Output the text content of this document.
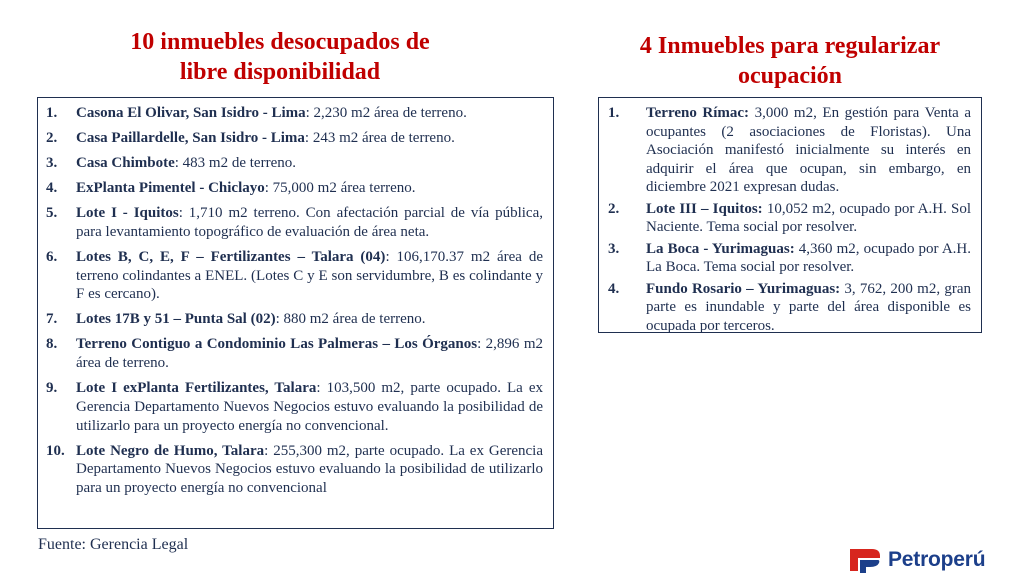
10 inmuebles desocupados de
libre disponibilidad
4 Inmuebles para regularizar
ocupación
1.	Casona El Olivar, San Isidro - Lima: 2,230 m2 área de terreno.
2.	Casa Paillardelle, San Isidro - Lima: 243 m2 área de terreno.
3.	Casa Chimbote: 483 m2 de terreno.
4.	ExPlanta Pimentel - Chiclayo: 75,000 m2 área terreno.
5.	Lote I - Iquitos: 1,710 m2 terreno. Con afectación parcial de vía pública, para levantamiento topográfico de evaluación de área neta.
6.	Lotes B, C, E, F – Fertilizantes – Talara (04): 106,170.37 m2 área de terreno colindantes a ENEL. (Lotes C y E son servidumbre, B es colindante y F es cercano).
7.	Lotes 17B y 51 – Punta Sal (02): 880 m2 área de terreno.
8.	Terreno Contiguo a Condominio Las Palmeras – Los Órganos: 2,896 m2 área de terreno.
9.	Lote I exPlanta Fertilizantes, Talara: 103,500 m2, parte ocupado. La ex Gerencia Departamento Nuevos Negocios estuvo evaluando la posibilidad de utilizarlo para un proyecto energía no convencional.
10. Lote Negro de Humo, Talara: 255,300 m2, parte ocupado. La ex Gerencia Departamento Nuevos Negocios estuvo evaluando la posibilidad de utilizarlo para un proyecto energía no convencional
1.	Terreno Rímac: 3,000 m2, En gestión para Venta a ocupantes (2 asociaciones de Floristas). Una Asociación manifestó inicialmente su interés en adquirir el área que ocupan, sin embargo, en diciembre 2021 expresan dudas.
2.	Lote III – Iquitos: 10,052 m2, ocupado por A.H. Sol Naciente. Tema social por resolver.
3.	La Boca - Yurimaguas: 4,360 m2, ocupado por A.H. La Boca. Tema social por resolver.
4.	Fundo Rosario – Yurimaguas: 3, 762, 200 m2, gran parte es inundable y parte del área disponible es ocupada por terceros.
Fuente: Gerencia Legal
Petroperú
